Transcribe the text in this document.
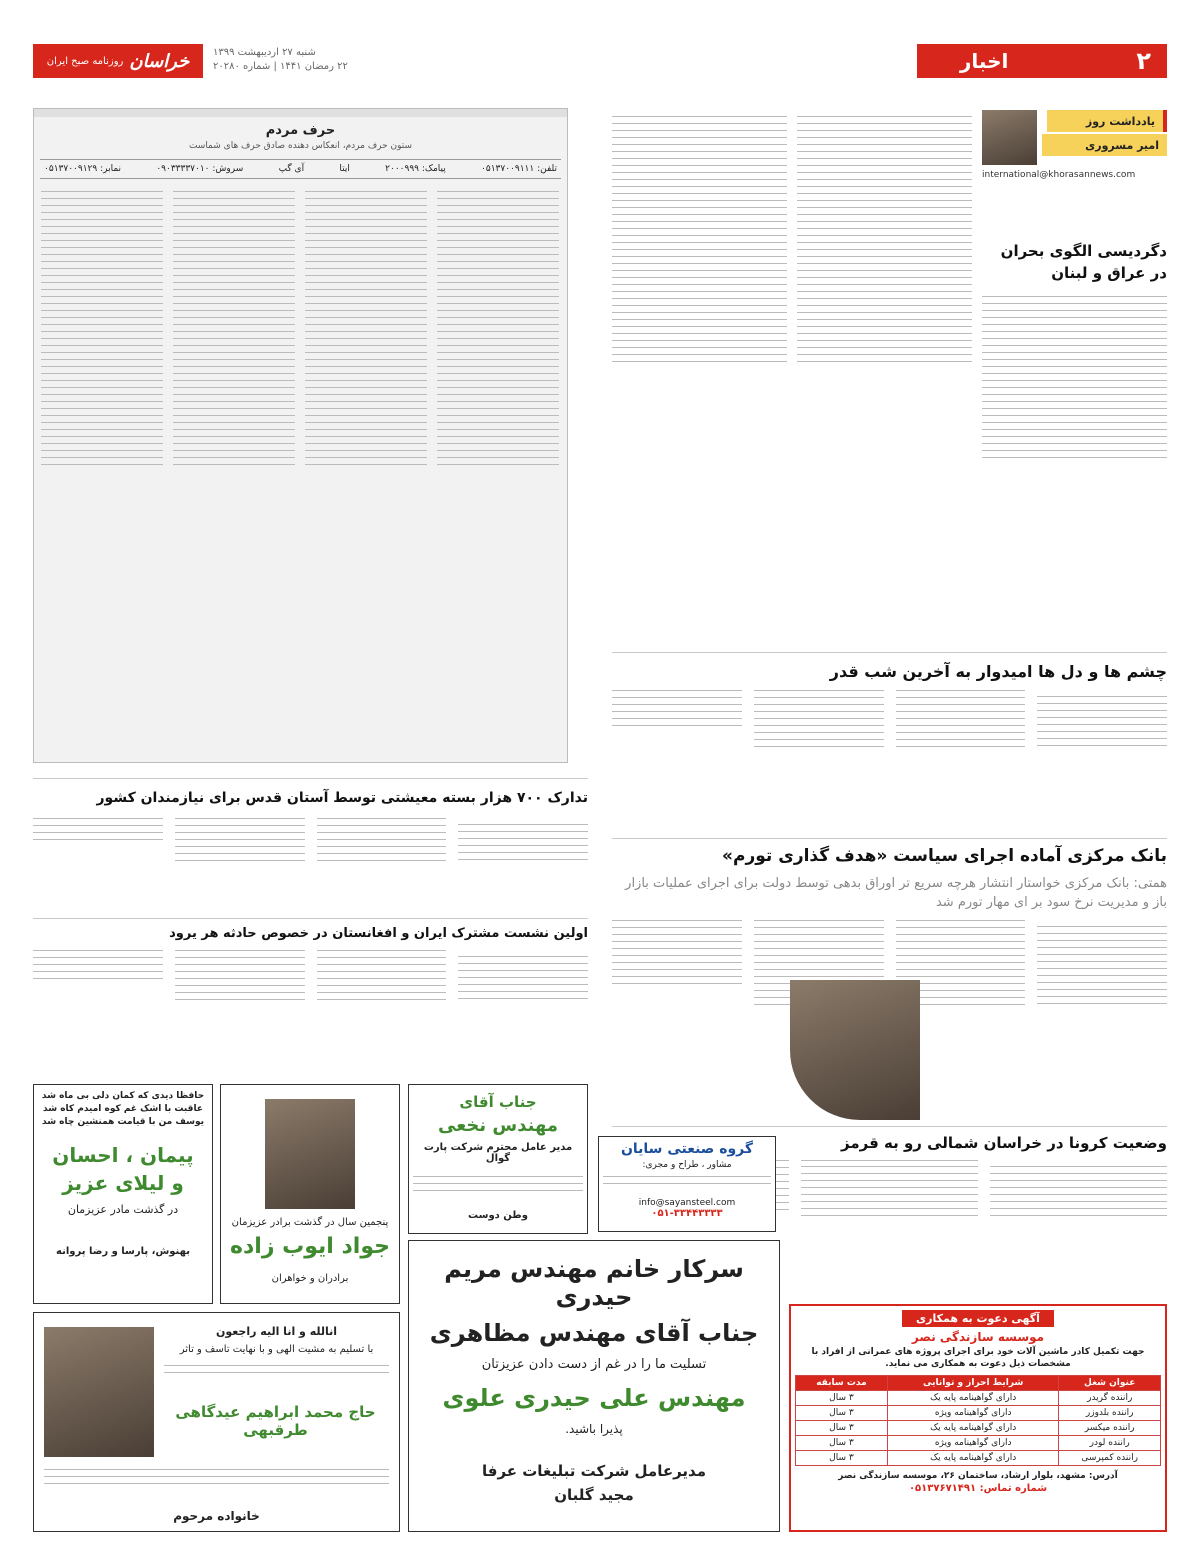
خراسان
روزنامه صبح ایران
شنبه ۲۷ اردیبهشت ۱۳۹۹
۲۲ رمضان ۱۴۴۱ | شماره ۲۰۲۸۰	۲
اخبار
یادداشت روز
امیر مسروری
international@khorasannews.com
دگردیسی الگوی بحران در عراق و لبنان
حرف مردم
ستون حرف مردم، انعکاس دهنده صادق حرف های شماست
تلفن: ۰۵۱۳۷۰۰۹۱۱۱
پیامک: ۲۰۰۰۹۹۹
ایتا
آی گپ
سروش: ۰۹۰۳۳۳۳۷۰۱۰
نمابر: ۰۵۱۳۷۰۰۹۱۲۹
چشم ها و دل ها امیدوار به آخرین شب قدر
بانک مرکزی آماده اجرای سیاست «هدف گذاری تورم»
همتی: بانک مرکزی خواستار انتشار هرچه سریع تر اوراق بدهی توسط دولت برای اجرای عملیات بازار باز و مدیریت نرخ سود بر ای مهار تورم شد
وضعیت کرونا در خراسان شمالی رو به قرمز
تدارک ۷۰۰ هزار بسته معیشتی توسط آستان قدس برای نیازمندان کشور
اولین نشست مشترک ایران و افغانستان در خصوص حادثه هر یرود
حافظا دیدی که کمان دلی بی ماه شد
عاقبت با اشک غم کوه امیدم کاه شد
یوسف من با قیامت همنشین چاه شد
پیمان ، احسان
و لیلای عزیز
در گذشت مادر عزیزمان
بهنوش، پارسا و رضا پروانه
پنجمین سال در گذشت برادر عزیزمان
جواد ایوب زاده
برادران و خواهران
جناب آقای
مهندس نخعی
مدیر عامل محترم شرکت پارت گوال
وطن دوست
گروه صنعتی سایان
مشاور ، طراح و مجری:
info@sayansteel.com
۰۵۱-۳۳۴۴۳۳۳۳
سرکار خانم مهندس مریم حیدری
جناب آقای مهندس مظاهری
تسلیت ما را در غم از دست دادن عزیزتان
مهندس علی حیدری علوی
پذیرا باشید.
مدیرعامل شرکت تبلیغات عرفا
مجید گلبان
انالله و انا الیه راجعون
با تسلیم به مشیت الهی و با نهایت تاسف و تاثر
حاج محمد ابراهیم عیدگاهی طرقبهی
خانواده مرحوم
آگهی دعوت به همکاری
موسسه سازندگی نصر
جهت تکمیل کادر ماشین آلات خود برای اجرای پروژه های عمرانی از افراد با مشخصات ذیل دعوت به همکاری می نماید.
عنوان شغل	شرایط احراز و توانایی	مدت سابقه
راننده گریدر	دارای گواهینامه پایه یک	۳ سال
راننده بلدوزر	دارای گواهینامه ویژه	۳ سال
راننده میکسر	دارای گواهینامه پایه یک	۳ سال
راننده لودر	دارای گواهینامه ویژه	۳ سال
راننده کمپرسی	دارای گواهینامه پایه یک	۳ سال
آدرس: مشهد، بلوار ارشاد، ساختمان ۲۶، موسسه سازندگی نصر
شماره تماس: ۰۵۱۳۷۶۷۱۴۹۱
